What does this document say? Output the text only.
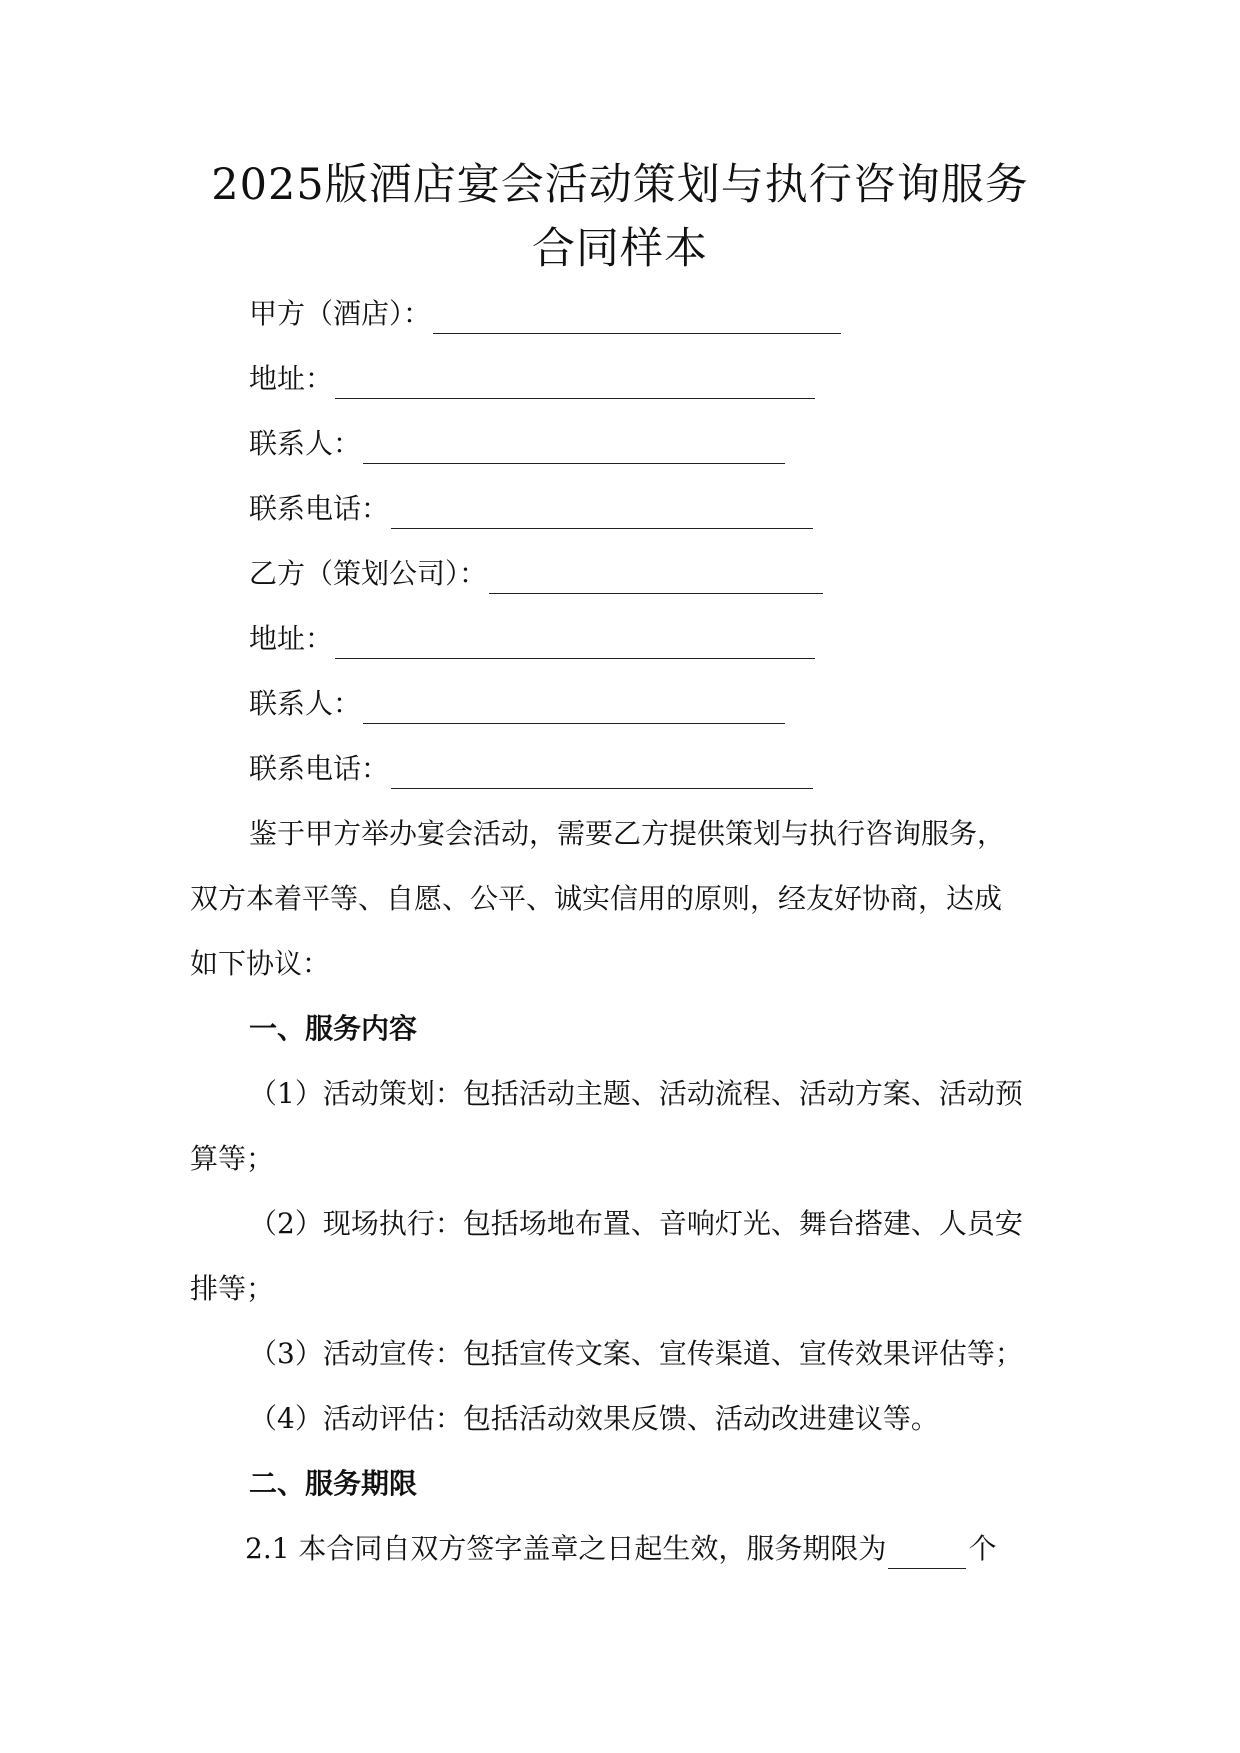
2025版酒店宴会活动策划与执行咨询服务
合同样本
甲方（酒店）：
地址：
联系人：
联系电话：
乙方（策划公司）：
地址：
联系人：
联系电话：
鉴于甲方举办宴会活动，需要乙方提供策划与执行咨询服务，
双方本着平等、自愿、公平、诚实信用的原则，经友好协商，达成
如下协议：
一、服务内容
（1）活动策划：包括活动主题、活动流程、活动方案、活动预
算等；
（2）现场执行：包括场地布置、音响灯光、舞台搭建、人员安
排等；
（3）活动宣传：包括宣传文案、宣传渠道、宣传效果评估等；
（4）活动评估：包括活动效果反馈、活动改进建议等。
二、服务期限
2.1 本合同自双方签字盖章之日起生效，服务期限为	个
